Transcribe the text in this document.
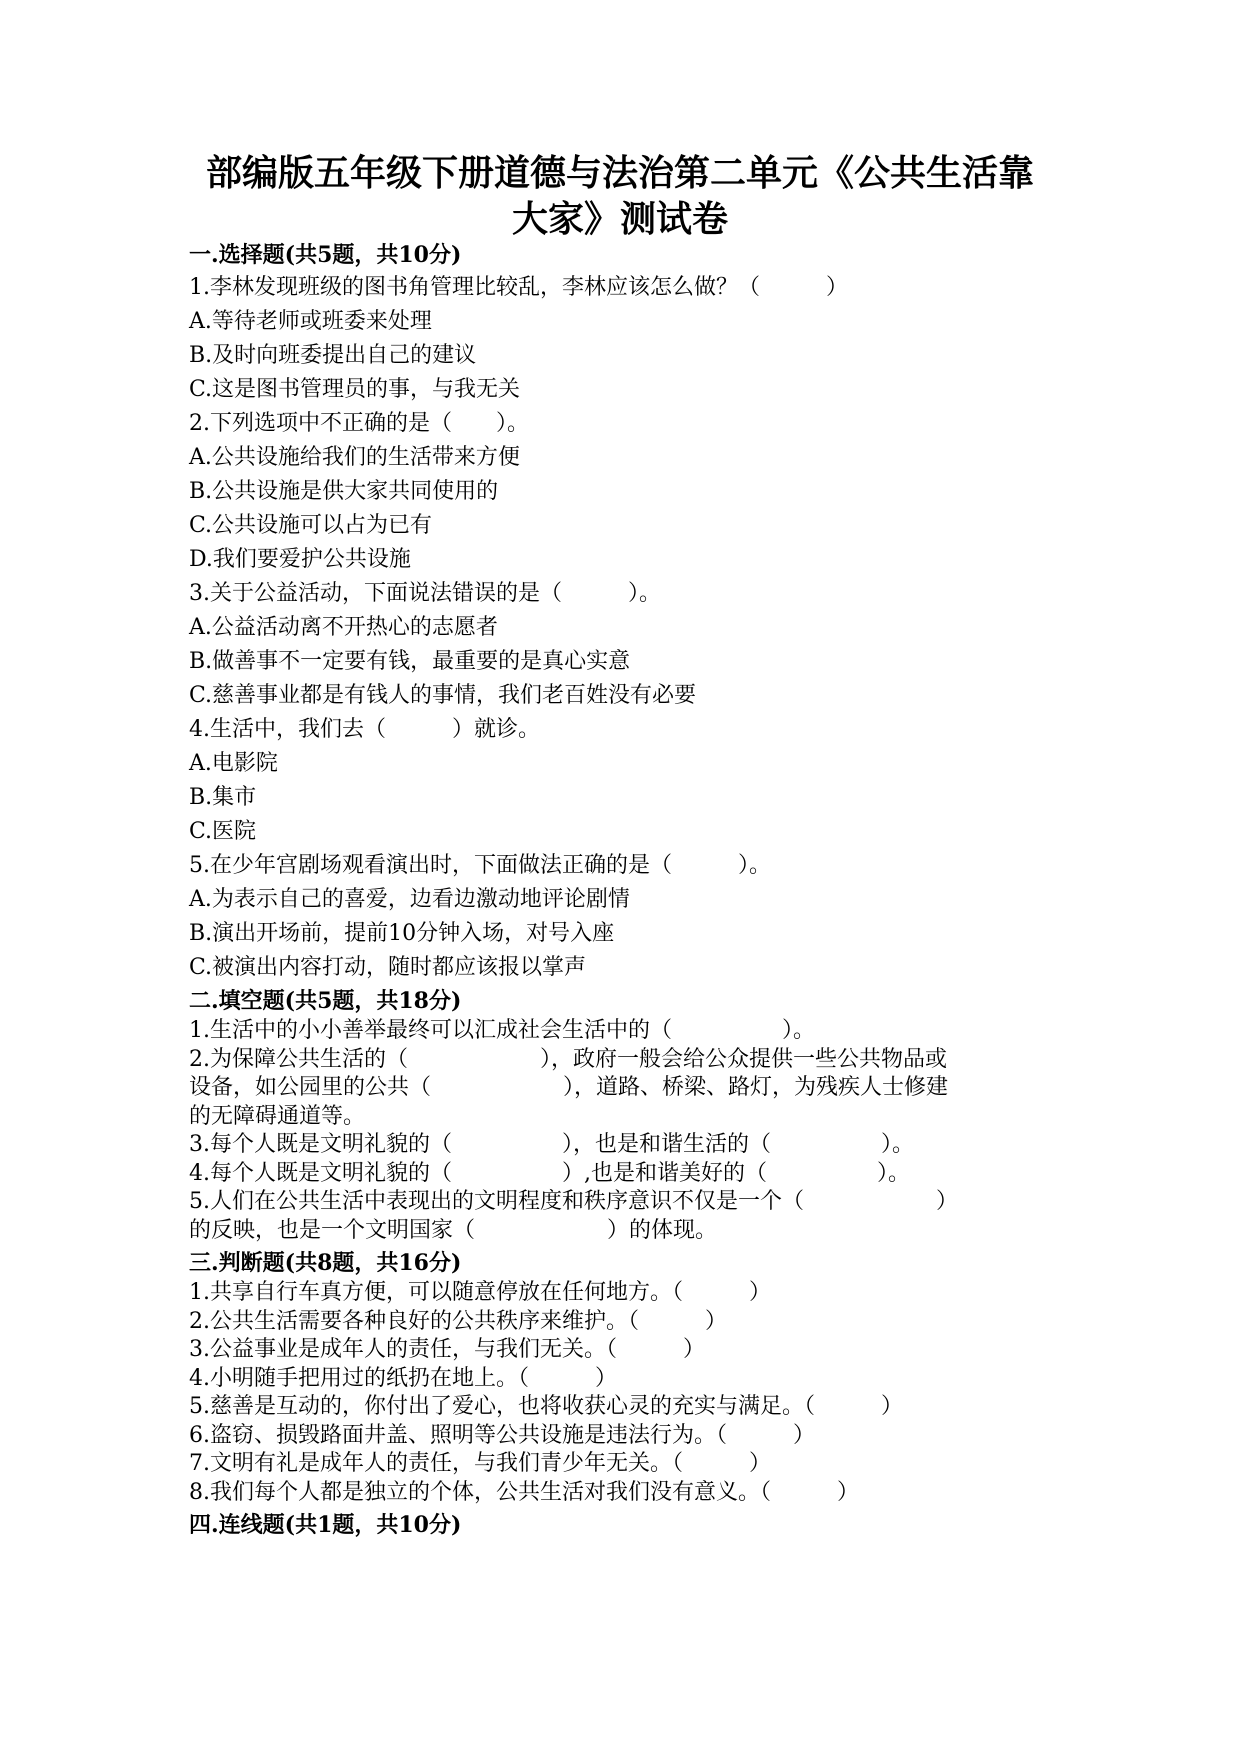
部编版五年级下册道德与法治第二单元《公共生活靠
大家》测试卷
一.选择题(共5题，共10分)
1.李林发现班级的图书角管理比较乱，李林应该怎么做？（　　　）
A.等待老师或班委来处理
B.及时向班委提出自己的建议
C.这是图书管理员的事，与我无关
2.下列选项中不正确的是（　　）。
A.公共设施给我们的生活带来方便
B.公共设施是供大家共同使用的
C.公共设施可以占为已有
D.我们要爱护公共设施
3.关于公益活动，下面说法错误的是（　　　）。
A.公益活动离不开热心的志愿者
B.做善事不一定要有钱，最重要的是真心实意
C.慈善事业都是有钱人的事情，我们老百姓没有必要
4.生活中，我们去（　　　）就诊。
A.电影院
B.集市
C.医院
5.在少年宫剧场观看演出时，下面做法正确的是（　　　）。
A.为表示自己的喜爱，边看边激动地评论剧情
B.演出开场前，提前10分钟入场，对号入座
C.被演出内容打动，随时都应该报以掌声
二.填空题(共5题，共18分)
1.生活中的小小善举最终可以汇成社会生活中的（　　　　　）。
2.为保障公共生活的（　　　　　　），政府一般会给公众提供一些公共物品或
设备，如公园里的公共（　　　　　　），道路、桥梁、路灯，为残疾人士修建
的无障碍通道等。
3.每个人既是文明礼貌的（　　　　　），也是和谐生活的（　　　　　）。
4.每个人既是文明礼貌的（　　　　　）,也是和谐美好的（　　　　　）。
5.人们在公共生活中表现出的文明程度和秩序意识不仅是一个（　　　　　　）
的反映，也是一个文明国家（　　　　　　）的体现。
三.判断题(共8题，共16分)
1.共享自行车真方便，可以随意停放在任何地方。（　　　）
2.公共生活需要各种良好的公共秩序来维护。（　　　）
3.公益事业是成年人的责任，与我们无关。（　　　）
4.小明随手把用过的纸扔在地上。（　　　）
5.慈善是互动的，你付出了爱心，也将收获心灵的充实与满足。（　　　）
6.盗窃、损毁路面井盖、照明等公共设施是违法行为。（　　　）
7.文明有礼是成年人的责任，与我们青少年无关。（　　　）
8.我们每个人都是独立的个体，公共生活对我们没有意义。（　　　）
四.连线题(共1题，共10分)
